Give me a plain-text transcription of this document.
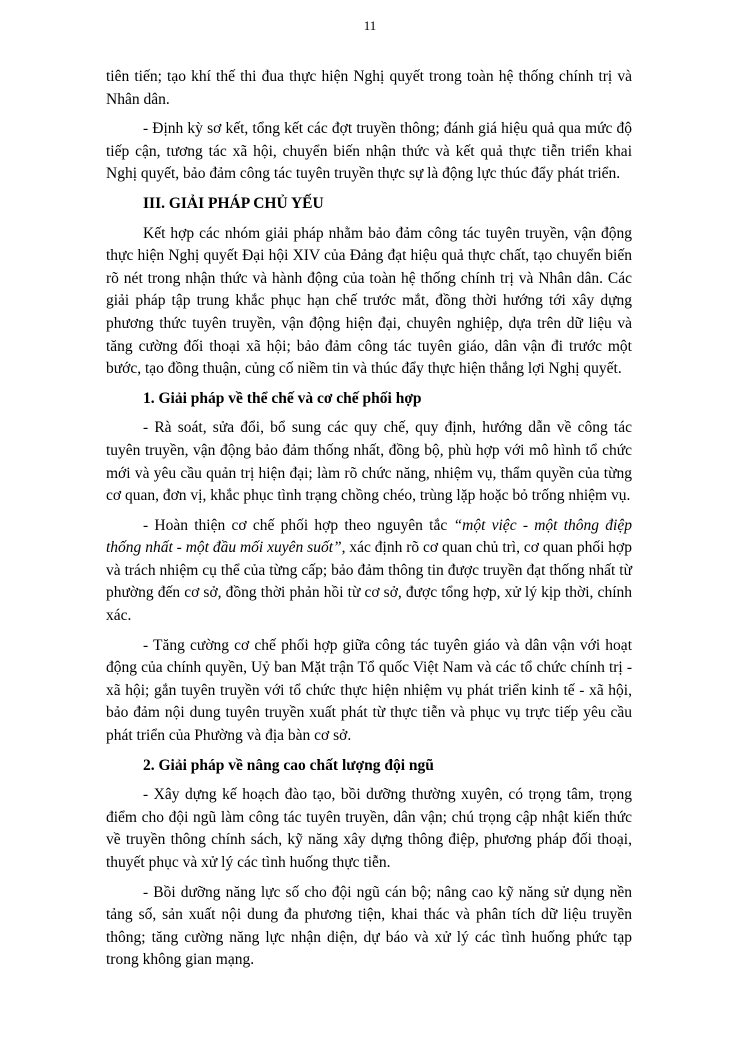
11

tiên tiến; tạo khí thế thi đua thực hiện Nghị quyết trong toàn hệ thống chính trị và Nhân dân.

- Định kỳ sơ kết, tổng kết các đợt truyền thông; đánh giá hiệu quả qua mức độ tiếp cận, tương tác xã hội, chuyển biến nhận thức và kết quả thực tiễn triển khai Nghị quyết, bảo đảm công tác tuyên truyền thực sự là động lực thúc đẩy phát triển.

III. GIẢI PHÁP CHỦ YẾU

Kết hợp các nhóm giải pháp nhằm bảo đảm công tác tuyên truyền, vận động thực hiện Nghị quyết Đại hội XIV của Đảng đạt hiệu quả thực chất, tạo chuyển biến rõ nét trong nhận thức và hành động của toàn hệ thống chính trị và Nhân dân. Các giải pháp tập trung khắc phục hạn chế trước mắt, đồng thời hướng tới xây dựng phương thức tuyên truyền, vận động hiện đại, chuyên nghiệp, dựa trên dữ liệu và tăng cường đối thoại xã hội; bảo đảm công tác tuyên giáo, dân vận đi trước một bước, tạo đồng thuận, củng cố niềm tin và thúc đẩy thực hiện thắng lợi Nghị quyết.

1. Giải pháp về thể chế và cơ chế phối hợp

- Rà soát, sửa đổi, bổ sung các quy chế, quy định, hướng dẫn về công tác tuyên truyền, vận động bảo đảm thống nhất, đồng bộ, phù hợp với mô hình tổ chức mới và yêu cầu quản trị hiện đại; làm rõ chức năng, nhiệm vụ, thẩm quyền của từng cơ quan, đơn vị, khắc phục tình trạng chồng chéo, trùng lặp hoặc bỏ trống nhiệm vụ.

- Hoàn thiện cơ chế phối hợp theo nguyên tắc “một việc - một thông điệp thống nhất - một đầu mối xuyên suốt”, xác định rõ cơ quan chủ trì, cơ quan phối hợp và trách nhiệm cụ thể của từng cấp; bảo đảm thông tin được truyền đạt thống nhất từ phường đến cơ sở, đồng thời phản hồi từ cơ sở, được tổng hợp, xử lý kịp thời, chính xác.

- Tăng cường cơ chế phối hợp giữa công tác tuyên giáo và dân vận với hoạt động của chính quyền, Uỷ ban Mặt trận Tổ quốc Việt Nam và các tổ chức chính trị - xã hội; gắn tuyên truyền với tổ chức thực hiện nhiệm vụ phát triển kinh tế - xã hội, bảo đảm nội dung tuyên truyền xuất phát từ thực tiễn và phục vụ trực tiếp yêu cầu phát triển của Phường và địa bàn cơ sở.

2. Giải pháp về nâng cao chất lượng đội ngũ

- Xây dựng kế hoạch đào tạo, bồi dưỡng thường xuyên, có trọng tâm, trọng điểm cho đội ngũ làm công tác tuyên truyền, dân vận; chú trọng cập nhật kiến thức về truyền thông chính sách, kỹ năng xây dựng thông điệp, phương pháp đối thoại, thuyết phục và xử lý các tình huống thực tiễn.

- Bồi dưỡng năng lực số cho đội ngũ cán bộ; nâng cao kỹ năng sử dụng nền tảng số, sản xuất nội dung đa phương tiện, khai thác và phân tích dữ liệu truyền thông; tăng cường năng lực nhận diện, dự báo và xử lý các tình huống phức tạp trong không gian mạng.
